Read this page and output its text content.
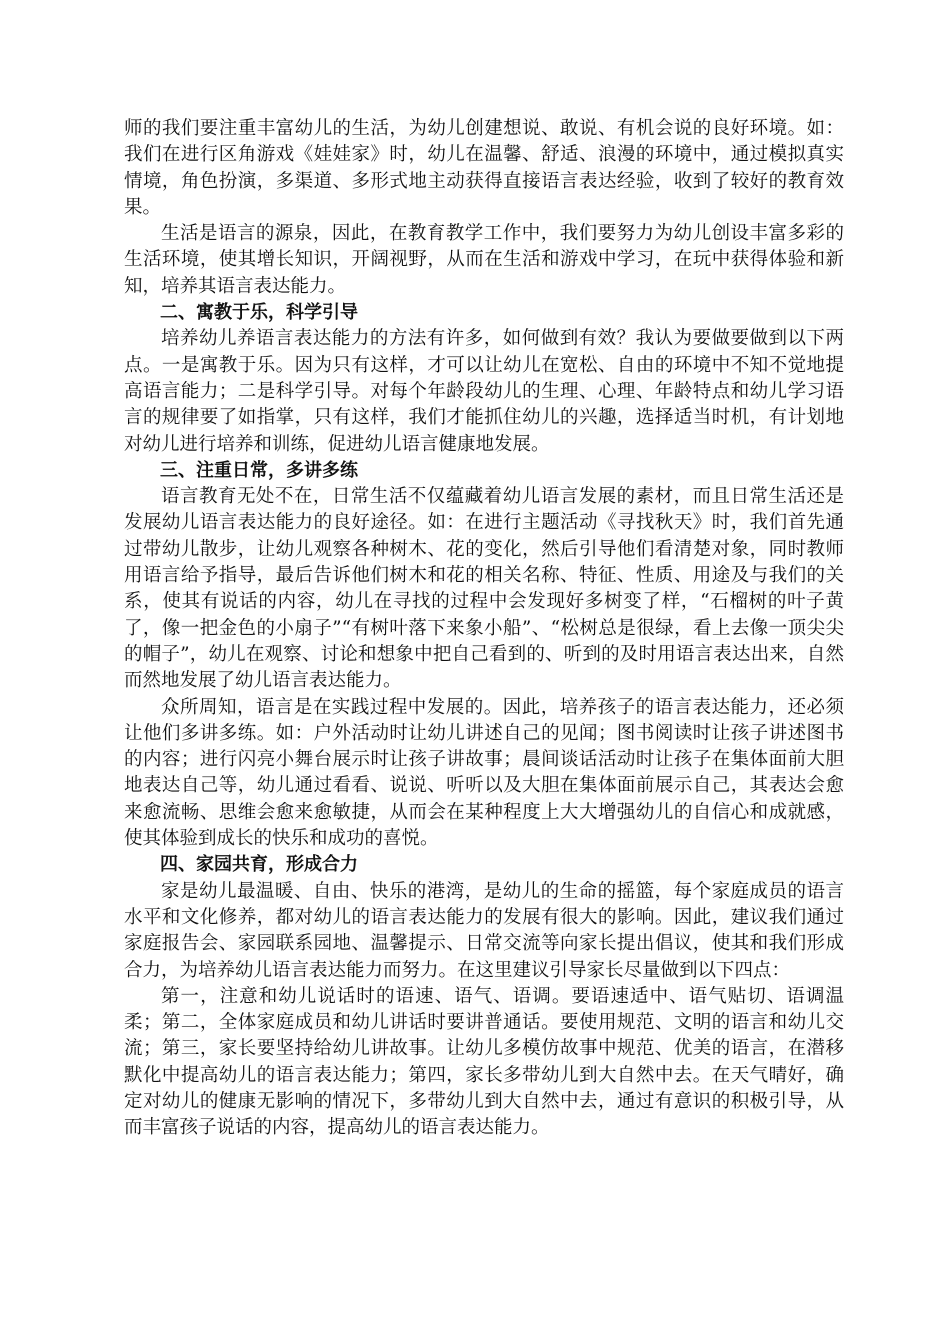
师的我们要注重丰富幼儿的生活，为幼儿创建想说、敢说、有机会说的良好环境。如：我们在进行区角游戏《娃娃家》时，幼儿在温馨、舒适、浪漫的环境中，通过模拟真实情境，角色扮演，多渠道、多形式地主动获得直接语言表达经验，收到了较好的教育效果。

生活是语言的源泉，因此，在教育教学工作中，我们要努力为幼儿创设丰富多彩的生活环境，使其增长知识，开阔视野，从而在生活和游戏中学习，在玩中获得体验和新知，培养其语言表达能力。

二、寓教于乐，科学引导

培养幼儿养语言表达能力的方法有许多，如何做到有效？我认为要做要做到以下两点。一是寓教于乐。因为只有这样，才可以让幼儿在宽松、自由的环境中不知不觉地提高语言能力；二是科学引导。对每个年龄段幼儿的生理、心理、年龄特点和幼儿学习语言的规律要了如指掌，只有这样，我们才能抓住幼儿的兴趣，选择适当时机，有计划地对幼儿进行培养和训练，促进幼儿语言健康地发展。

三、注重日常，多讲多练

语言教育无处不在，日常生活不仅蕴藏着幼儿语言发展的素材，而且日常生活还是发展幼儿语言表达能力的良好途径。如：在进行主题活动《寻找秋天》时，我们首先通过带幼儿散步，让幼儿观察各种树木、花的变化，然后引导他们看清楚对象，同时教师用语言给予指导，最后告诉他们树木和花的相关名称、特征、性质、用途及与我们的关系，使其有说话的内容，幼儿在寻找的过程中会发现好多树变了样，“石榴树的叶子黄了，像一把金色的小扇子”“有树叶落下来象小船”、“松树总是很绿，看上去像一顶尖尖的帽子”，幼儿在观察、讨论和想象中把自己看到的、听到的及时用语言表达出来，自然而然地发展了幼儿语言表达能力。

众所周知，语言是在实践过程中发展的。因此，培养孩子的语言表达能力，还必须让他们多讲多练。如：户外活动时让幼儿讲述自己的见闻；图书阅读时让孩子讲述图书的内容；进行闪亮小舞台展示时让孩子讲故事；晨间谈话活动时让孩子在集体面前大胆地表达自己等，幼儿通过看看、说说、听听以及大胆在集体面前展示自己，其表达会愈来愈流畅、思维会愈来愈敏捷，从而会在某种程度上大大增强幼儿的自信心和成就感，使其体验到成长的快乐和成功的喜悦。

四、家园共育，形成合力

家是幼儿最温暖、自由、快乐的港湾，是幼儿的生命的摇篮，每个家庭成员的语言水平和文化修养，都对幼儿的语言表达能力的发展有很大的影响。因此，建议我们通过家庭报告会、家园联系园地、温馨提示、日常交流等向家长提出倡议，使其和我们形成合力，为培养幼儿语言表达能力而努力。在这里建议引导家长尽量做到以下四点：

第一，注意和幼儿说话时的语速、语气、语调。要语速适中、语气贴切、语调温柔；第二，全体家庭成员和幼儿讲话时要讲普通话。要使用规范、文明的语言和幼儿交流；第三，家长要坚持给幼儿讲故事。让幼儿多模仿故事中规范、优美的语言，在潜移默化中提高幼儿的语言表达能力；第四，家长多带幼儿到大自然中去。在天气晴好，确定对幼儿的健康无影响的情况下，多带幼儿到大自然中去，通过有意识的积极引导，从而丰富孩子说话的内容，提高幼儿的语言表达能力。
